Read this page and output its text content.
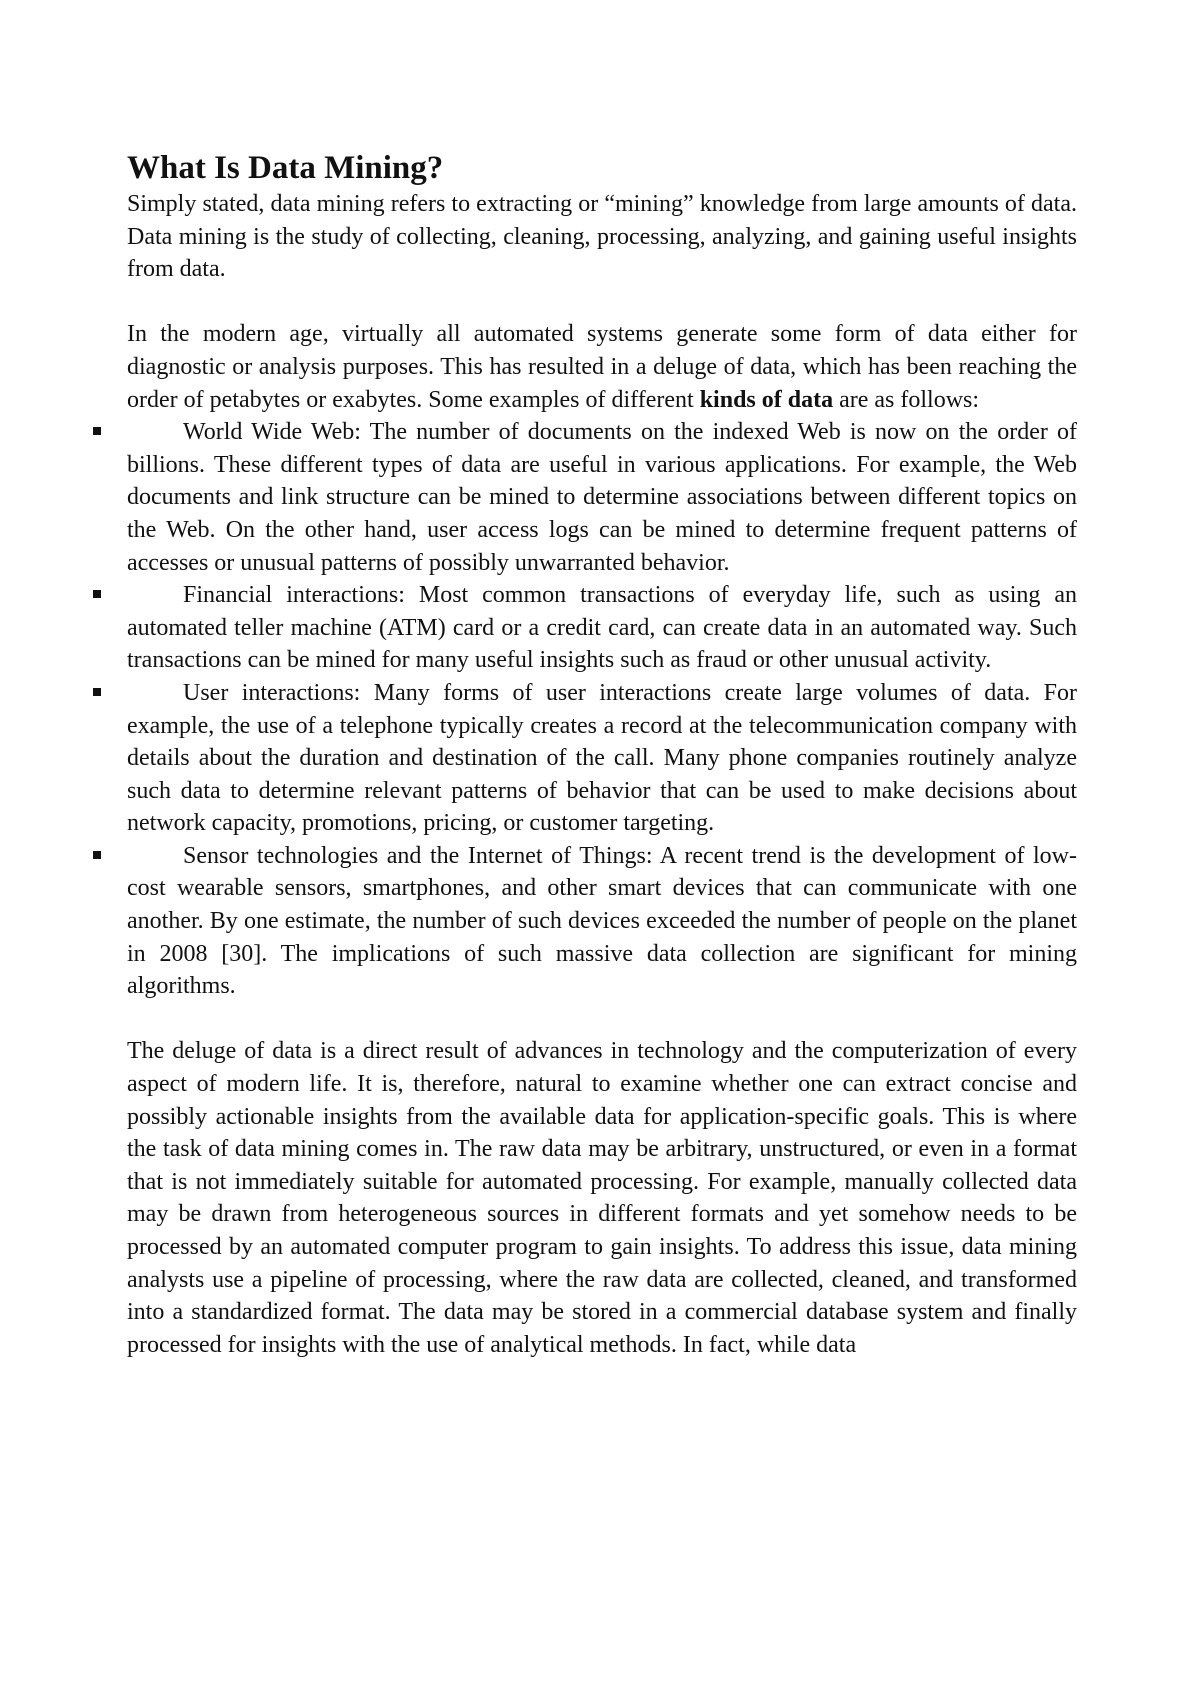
What Is Data Mining?

Simply stated, data mining refers to extracting or “mining” knowledge from large amounts of data. Data mining is the study of collecting, cleaning, processing, analyzing, and gaining useful insights from data.

In the modern age, virtually all automated systems generate some form of data either for diagnostic or analysis purposes. This has resulted in a deluge of data, which has been reaching the order of petabytes or exabytes. Some examples of different kinds of data are as follows:

World Wide Web: The number of documents on the indexed Web is now on the order of billions. These different types of data are useful in various applications. For example, the Web documents and link structure can be mined to determine associations between different topics on the Web. On the other hand, user access logs can be mined to determine frequent patterns of accesses or unusual patterns of possibly unwarranted behavior.
Financial interactions: Most common transactions of everyday life, such as using an automated teller machine (ATM) card or a credit card, can create data in an automated way. Such transactions can be mined for many useful insights such as fraud or other unusual activity.
User interactions: Many forms of user interactions create large volumes of data. For example, the use of a telephone typically creates a record at the telecommunication company with details about the duration and destination of the call. Many phone companies routinely analyze such data to determine relevant patterns of behavior that can be used to make decisions about network capacity, promotions, pricing, or customer targeting.
Sensor technologies and the Internet of Things: A recent trend is the development of low-cost wearable sensors, smartphones, and other smart devices that can communicate with one another. By one estimate, the number of such devices exceeded the number of people on the planet in 2008 [30]. The implications of such massive data collection are significant for mining algorithms.

The deluge of data is a direct result of advances in technology and the computerization of every aspect of modern life. It is, therefore, natural to examine whether one can extract concise and possibly actionable insights from the available data for application-specific goals. This is where the task of data mining comes in. The raw data may be arbitrary, unstructured, or even in a format that is not immediately suitable for automated processing. For example, manually collected data may be drawn from heterogeneous sources in different formats and yet somehow needs to be processed by an automated computer program to gain insights. To address this issue, data mining analysts use a pipeline of processing, where the raw data are collected, cleaned, and transformed into a standardized format. The data may be stored in a commercial database system and finally processed for insights with the use of analytical methods. In fact, while data
